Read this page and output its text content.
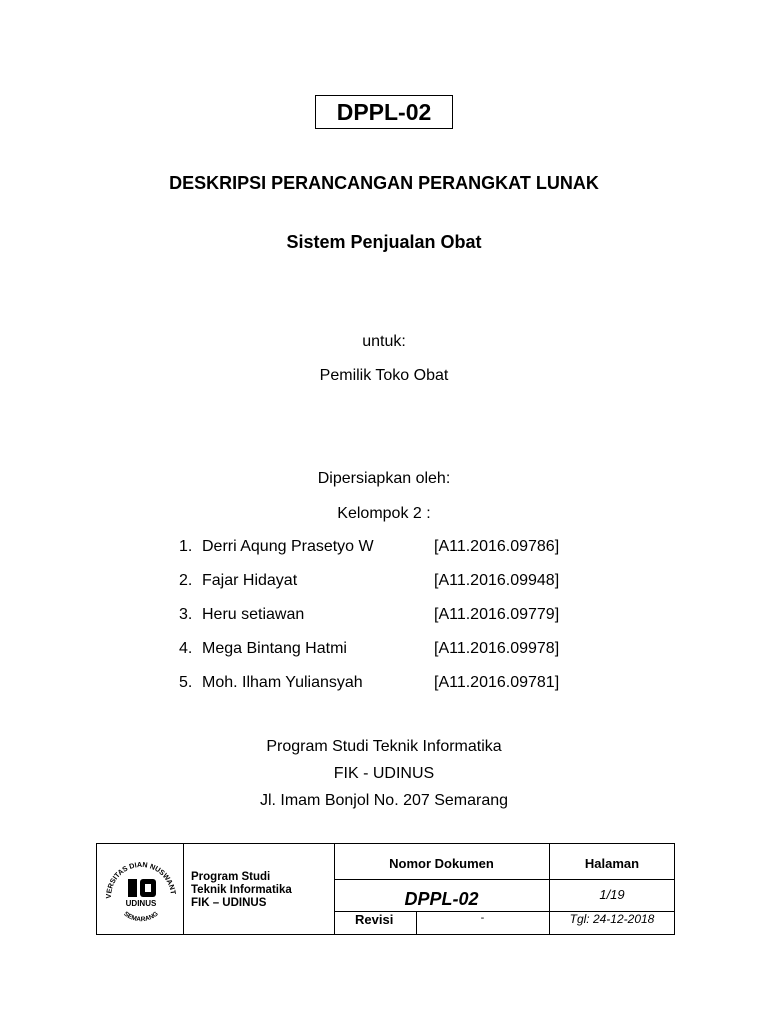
DPPL-02
DESKRIPSI PERANCANGAN PERANGKAT LUNAK
Sistem Penjualan Obat
untuk:
Pemilik Toko Obat
Dipersiapkan oleh:
Kelompok 2 :
1. Derri Aqung Prasetyo W	[A11.2016.09786]
2. Fajar Hidayat	[A11.2016.09948]
3. Heru setiawan	[A11.2016.09779]
4. Mega Bintang Hatmi	[A11.2016.09978]
5. Moh. Ilham Yuliansyah	[A11.2016.09781]
Program Studi Teknik Informatika
FIK - UDINUS
Jl. Imam Bonjol No. 207 Semarang
VERSITAS DIAN NUSWANT
SEMARANG
UDINUS
Program Studi
Teknik Informatika
FIK – UDINUS
Nomor Dokumen	Halaman
DPPL-02	1/19
Revisi	-	Tgl: 24-12-2018
